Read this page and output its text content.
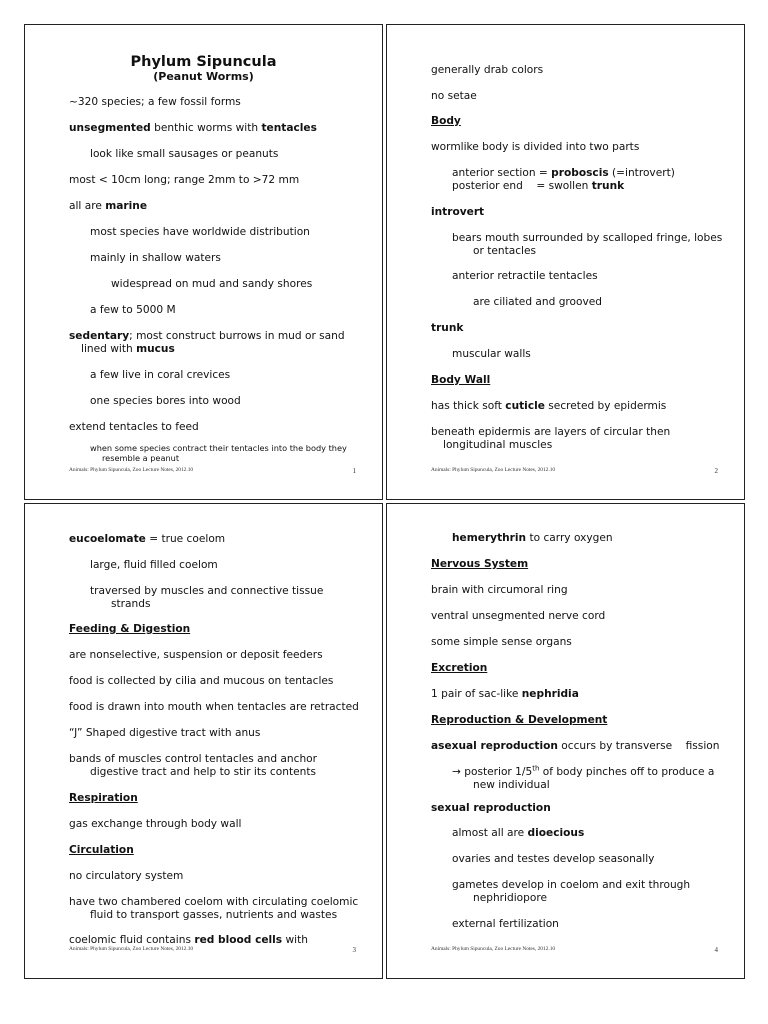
Phylum Sipuncula
(Peanut Worms)
~320 species; a few fossil forms
unsegmented benthic worms with tentacles
look like small sausages or peanuts
most < 10cm long; range 2mm to >72 mm
all are marine
most species have worldwide distribution
mainly in shallow waters
widespread on mud and sandy shores
a few to 5000 M
sedentary; most construct burrows in mud or sand
lined with mucus
a few live in coral crevices
one species bores into wood
extend tentacles to feed
when some species contract their tentacles into the body they
resemble a peanut
Animals: Phylum Sipuncula, Zoo Lecture Notes, 2012.10	1
generally drab colors
no setae
Body
wormlike body is divided into two parts
anterior section = proboscis (=introvert)
posterior end    = swollen trunk
introvert
bears mouth surrounded by scalloped fringe, lobes
or tentacles
anterior retractile tentacles
are ciliated and grooved
trunk
muscular walls
Body Wall
has thick soft cuticle secreted by epidermis
beneath epidermis are layers of circular then
longitudinal muscles
Animals: Phylum Sipuncula, Zoo Lecture Notes, 2012.10	2
eucoelomate = true coelom
large, fluid filled coelom
traversed by muscles and connective tissue
strands
Feeding & Digestion
are nonselective, suspension or deposit feeders
food is collected by cilia and mucous on tentacles
food is drawn into mouth when tentacles are retracted
“J” Shaped digestive tract with anus
bands of muscles control tentacles and anchor
digestive tract and help to stir its contents
Respiration
gas exchange through body wall
Circulation
no circulatory system
have two chambered coelom with circulating coelomic
fluid to transport gasses, nutrients and wastes
coelomic fluid contains red blood cells with
Animals: Phylum Sipuncula, Zoo Lecture Notes, 2012.10	3
hemerythrin to carry oxygen
Nervous System
brain with circumoral ring
ventral unsegmented nerve cord
some simple sense organs
Excretion
1 pair of sac-like nephridia
Reproduction & Development
asexual reproduction occurs by transverse    fission
→ posterior 1/5th of body pinches off to produce a
new individual
sexual reproduction
almost all are dioecious
ovaries and testes develop seasonally
gametes develop in coelom and exit through
nephridiopore
external fertilization
Animals: Phylum Sipuncula, Zoo Lecture Notes, 2012.10	4
